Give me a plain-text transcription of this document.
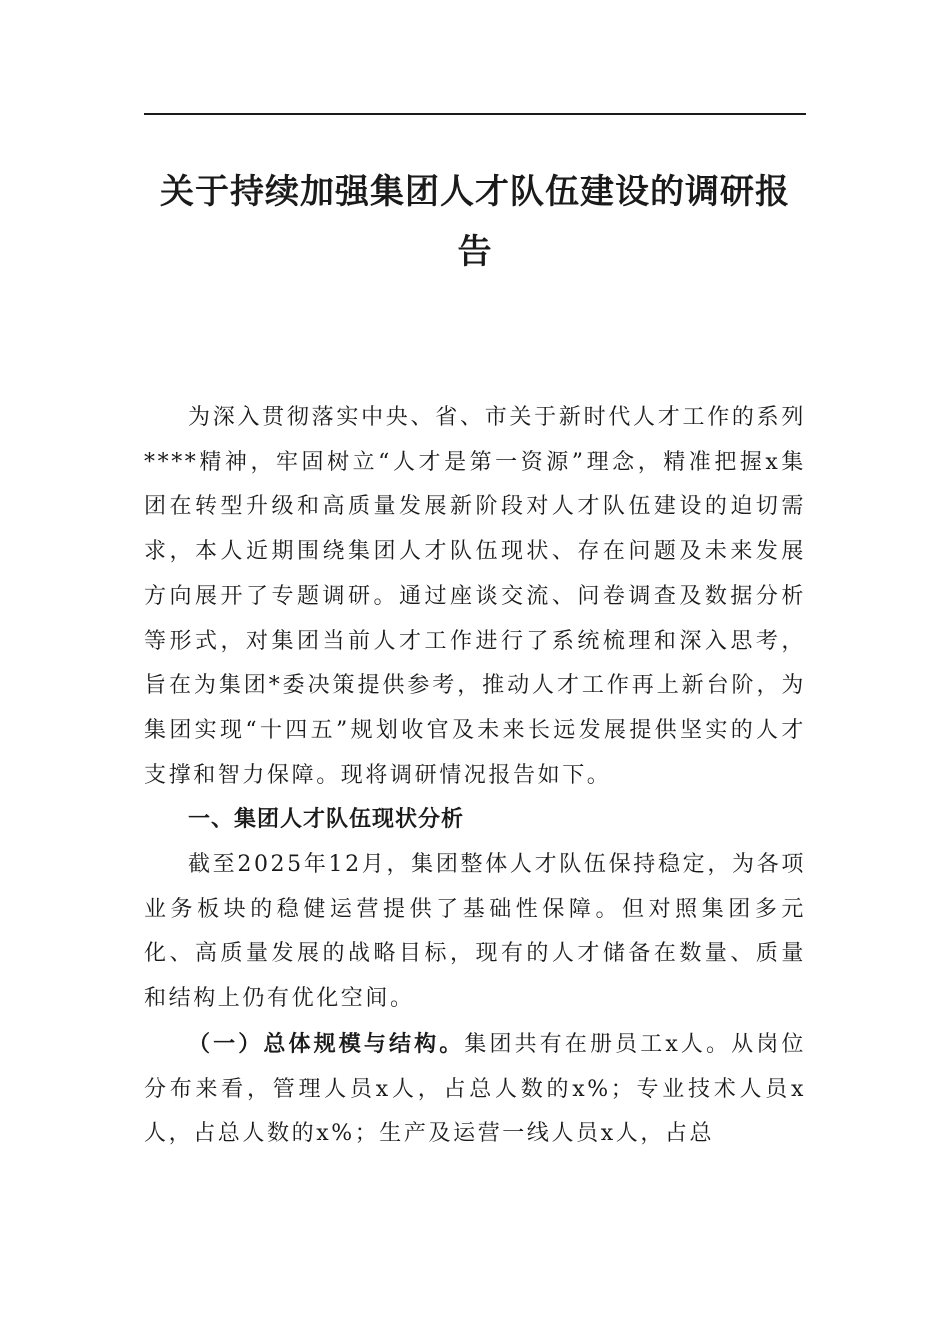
关于持续加强集团人才队伍建设的调研报告

为深入贯彻落实中央、省、市关于新时代人才工作的系列****精神，牢固树立“人才是第一资源”理念，精准把握x集团在转型升级和高质量发展新阶段对人才队伍建设的迫切需求，本人近期围绕集团人才队伍现状、存在问题及未来发展方向展开了专题调研。通过座谈交流、问卷调查及数据分析等形式，对集团当前人才工作进行了系统梳理和深入思考，旨在为集团*委决策提供参考，推动人才工作再上新台阶，为集团实现“十四五”规划收官及未来长远发展提供坚实的人才支撑和智力保障。现将调研情况报告如下。

一、集团人才队伍现状分析

截至2025年12月，集团整体人才队伍保持稳定，为各项业务板块的稳健运营提供了基础性保障。但对照集团多元化、高质量发展的战略目标，现有的人才储备在数量、质量和结构上仍有优化空间。

（一）总体规模与结构。集团共有在册员工x人。从岗位分布来看，管理人员x人，占总人数的x%；专业技术人员x人，占总人数的x%；生产及运营一线人员x人，占总
